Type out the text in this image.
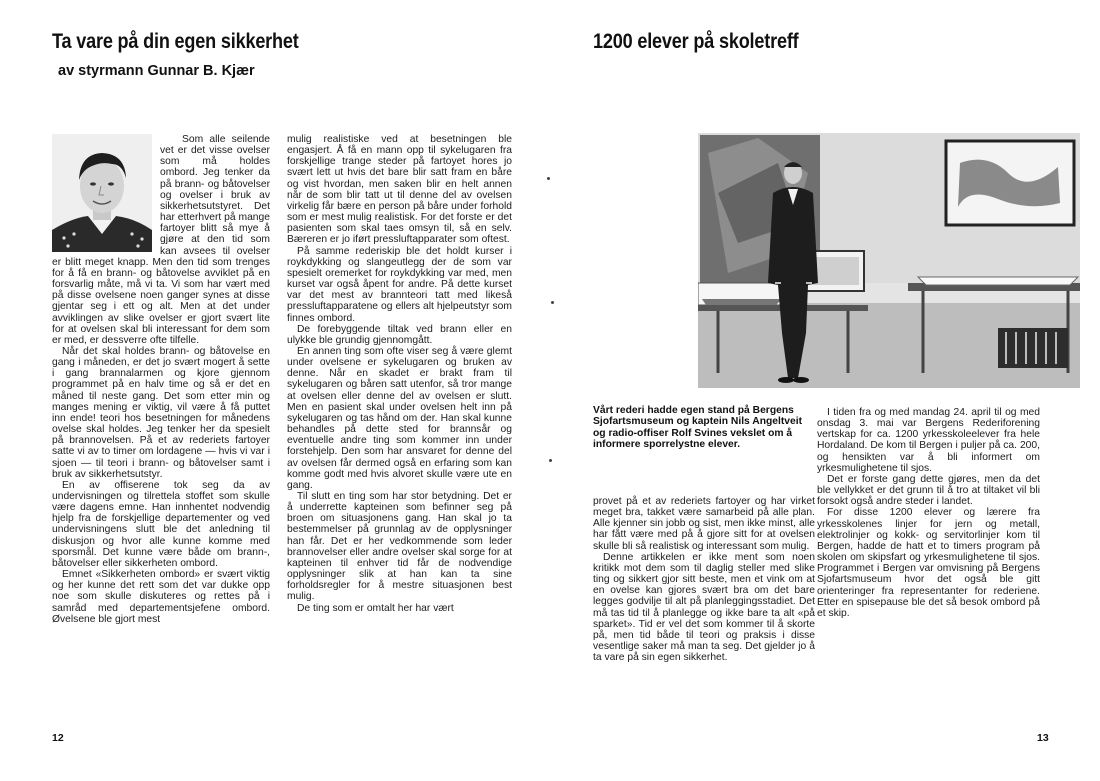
Ta vare på din egen sikkerhet
av styrmann Gunnar B. Kjær

Som alle seilende vet er det visse ovelser som må holdes ombord. Jeg tenker da på brann- og båtovelser og ovelser i bruk av sikkerhetsutstyret. Det har etterhvert på mange fartoyer blitt så mye å gjøre at den tid som kan avsees til ovelser er blitt meget knapp. Men den tid som trenges for å få en brann- og båtovelse avviklet på en forsvarlig måte, må vi ta. Vi som har vært med på disse ovelsene noen ganger synes at disse gjentar seg i ett og alt. Men at det under avviklingen av slike ovelser er gjort svært lite for at ovelsen skal bli interessant for dem som er med, er dessverre ofte tilfelle.

Når det skal holdes brann- og båtovelse en gang i måneden, er det jo svært mogert å sette i gang brannalarmen og kjore gjennom programmet på en halv time og så er det en måned til neste gang. Det som etter min og manges mening er viktig, vil være å få puttet inn ende! teori hos besetningen for månedens ovelse skal holdes. Jeg tenker her da spesielt på brannovelsen. På et av rederiets fartoyer satte vi av to timer om lordagene — hvis vi var i sjoen — til teori i brann- og båtovelser samt i bruk av sikkerhetsutstyr.

En av offiserene tok seg da av undervisningen og tilrettela stoffet som skulle være dagens emne. Han innhentet nodvendig hjelp fra de forskjellige departementer og ved undervisningens slutt ble det anledning til diskusjon og hvor alle kunne komme med sporsmål. Det kunne være både om brann-, båtovelser eller sikkerheten ombord.

Emnet «Sikkerheten ombord» er svært viktig og her kunne det rett som det var dukke opp noe som skulle diskuteres og rettes på i samråd med departementsjefene ombord. Øvelsene ble gjort mest

mulig realistiske ved at besetningen ble engasjert. Å få en mann opp til sykelugaren fra forskjellige trange steder på fartoyet hores jo svært lett ut hvis det bare blir satt fram en båre og vist hvordan, men saken blir en helt annen når de som blir tatt ut til denne del av ovelsen virkelig får bære en person på båre under forhold som er mest mulig realistisk. For det forste er det pasienten som skal taes omsyn til, så en selv. Bæreren er jo iført pressluftapparater som oftest.

På samme rederiskip ble det holdt kurser i roykdykking og slangeutlegg der de som var spesielt oremerket for roykdykking var med, men kurset var også åpent for andre. På dette kurset var det mest av brannteori tatt med likeså pressluftapparatene og ellers alt hjelpeutstyr som finnes ombord.

De forebyggende tiltak ved brann eller en ulykke ble grundig gjennomgått.

En annen ting som ofte viser seg å være glemt under ovelsene er sykelugaren og bruken av denne. Når en skadet er brakt fram til sykelugaren og båren satt utenfor, så tror mange at ovelsen eller denne del av ovelsen er slutt. Men en pasient skal under ovelsen helt inn på sykelugaren og tas hånd om der. Han skal kunne behandles på dette sted for brannsår og eventuelle andre ting som kommer inn under forstehjelp. Den som har ansvaret for denne del av ovelsen får dermed også en erfaring som kan komme godt med hvis alvoret skulle være ute en gang.

Til slutt en ting som har stor betydning. Det er å underrette kapteinen som befinner seg på broen om situasjonens gang. Han skal jo ta bestemmelser på grunnlag av de opplysninger han får. Det er her vedkommende som leder brannovelser eller andre ovelser skal sorge for at kapteinen til enhver tid får de nodvendige opplysninger slik at han kan ta sine forholdsregler for å mestre situasjonen best mulig.

De ting som er omtalt her har vært

12
1200 elever på skoletreff
Vårt rederi hadde egen stand på Bergens Sjofartsmuseum og kaptein Nils Angeltveit og radio-offiser Rolf Svines vekslet om å informere sporrelystne elever.

provet på et av rederiets fartoyer og har virket meget bra, takket være samarbeid på alle plan. Alle kjenner sin jobb og sist, men ikke minst, alle har fått være med på å gjore sitt for at ovelsen skulle bli så realistisk og interessant som mulig.

Denne artikkelen er ikke ment som noen kritikk mot dem som til daglig steller med slike ting og sikkert gjor sitt beste, men et vink om at en ovelse kan gjores svært bra om det bare legges godvilje til alt på planleggingsstadiet. Det må tas tid til å planlegge og ikke bare ta alt «på sparket». Tid er vel det som kommer til å skorte på, men tid både til teori og praksis i disse vesentlige saker må man ta seg. Det gjelder jo å ta vare på sin egen sikkerhet.

I tiden fra og med mandag 24. april til og med onsdag 3. mai var Bergens Rederiforening vertskap for ca. 1200 yrkesskoleelever fra hele Hordaland. De kom til Bergen i puljer på ca. 200, og hensikten var å bli informert om yrkesmulighetene til sjos.

Det er forste gang dette gjøres, men da det ble vellykket er det grunn til å tro at tiltaket vil bli forsokt også andre steder i landet.

For disse 1200 elever og lærere fra yrkesskolenes linjer for jern og metall, elektrolinjer og kokk- og servitorlinjer kom til Bergen, hadde de hatt et to timers program på skolen om skipsfart og yrkesmulighetene til sjos. Programmet i Bergen var omvisning på Bergens Sjofartsmuseum hvor det også ble gitt orienteringer fra representanter for rederiene. Etter en spisepause ble det så besok ombord på et skip.

13
